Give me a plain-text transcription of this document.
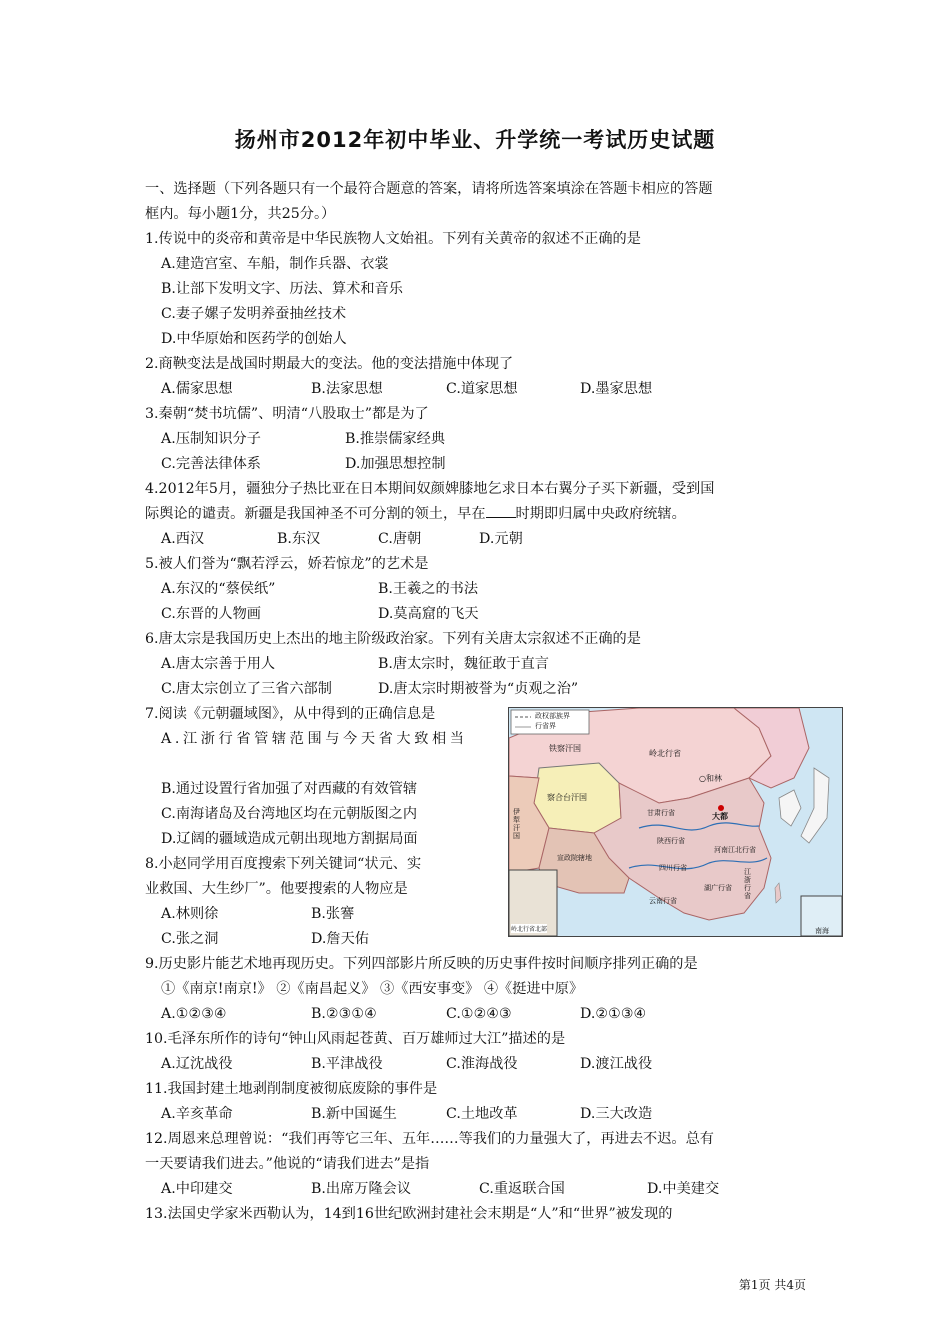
扬州市2012年初中毕业、升学统一考试历史试题
一、选择题（下列各题只有一个最符合题意的答案，请将所选答案填涂在答题卡相应的答题
框内。每小题1分，共25分。）
1.传说中的炎帝和黄帝是中华民族物人文始祖。下列有关黄帝的叙述不正确的是
A.建造宫室、车船，制作兵器、衣裳
B.让部下发明文字、历法、算术和音乐
C.妻子嫘子发明养蚕抽丝技术
D.中华原始和医药学的创始人
2.商鞅变法是战国时期最大的变法。他的变法措施中体现了
A.儒家思想	B.法家思想	C.道家思想	D.墨家思想
3.秦朝“焚书坑儒”、明清“八股取士”都是为了
A.压制知识分子	B.推崇儒家经典
C.完善法律体系	D.加强思想控制
4.2012年5月，疆独分子热比亚在日本期间奴颜婢膝地乞求日本右翼分子买下新疆，受到国
际舆论的谴责。新疆是我国神圣不可分割的领土，早在 时期即归属中央政府统辖。
A.西汉	B.东汉	C.唐朝	D.元朝
5.被人们誉为“飘若浮云，娇若惊龙”的艺术是
A.东汉的“蔡侯纸”	B.王羲之的书法
C.东晋的人物画	D.莫高窟的飞天
6.唐太宗是我国历史上杰出的地主阶级政治家。下列有关唐太宗叙述不正确的是
A.唐太宗善于用人	B.唐太宗时，魏征敢于直言
C.唐太宗创立了三省六部制	D.唐太宗时期被誉为“贞观之治”
7.阅读《元朝疆域图》，从中得到的正确信息是
A.江浙行省管辖范围与今天省大致相当
B.通过设置行省加强了对西藏的有效管辖
C.南海诸岛及台湾地区均在元朝版图之内
D.辽阔的疆域造成元朝出现地方割据局面
政权部族界
行省界
铁察汗国
岭北行省
○和林
察合台汗国
大都
伊犁汗国
甘肃行省
陕西行省
河南江北行省
宣政院辖地
四川行省
湖广行省
江浙行省
云南行省
岭北行省北部	南海
8.小赵同学用百度搜索下列关键词“状元、实
业救国、大生纱厂”。他要搜索的人物应是
A.林则徐	B.张謇
C.张之洞	D.詹天佑
9.历史影片能艺术地再现历史。下列四部影片所反映的历史事件按时间顺序排列正确的是
①《南京!南京!》 ②《南昌起义》 ③《西安事变》 ④《挺进中原》
A.①②③④	B.②③①④	C.①②④③	D.②①③④
10.毛泽东所作的诗句“钟山风雨起苍黄、百万雄师过大江”描述的是
A.辽沈战役	B.平津战役	C.淮海战役	D.渡江战役
11.我国封建土地剥削制度被彻底废除的事件是
A.辛亥革命	B.新中国诞生	C.土地改革	D.三大改造
12.周恩来总理曾说：“我们再等它三年、五年……等我们的力量强大了，再进去不迟。总有
一天要请我们进去。”他说的“请我们进去”是指
A.中印建交	B.出席万隆会议	C.重返联合国	D.中美建交
13.法国史学家米西勒认为，14到16世纪欧洲封建社会末期是“人”和“世界”被发现的
第1页 共4页
